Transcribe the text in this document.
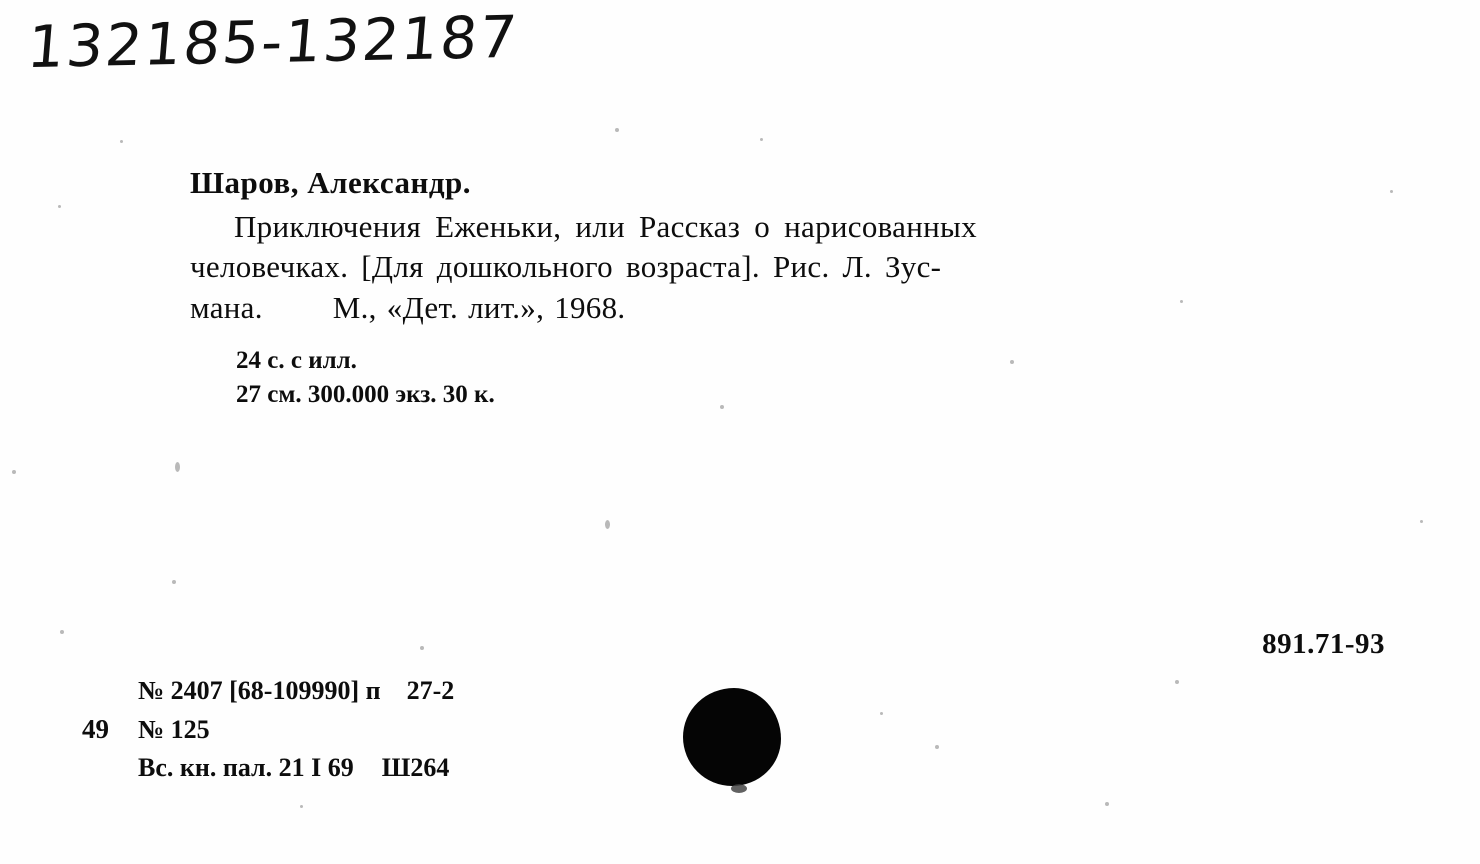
132185-132187
Шаров, Александр.
Приключения Еженьки, или Рассказ о нарисованных
человечках. [Для дошкольного возраста]. Рис. Л. Зус-
мана. М., «Дет. лит.», 1968.
24 с. с илл.
27 см. 300.000 экз. 30 к.
891.71-93
№ 2407 [68-109990] п    27-2
49	№ 125
Вс. кн. пал. 21 I 69 Ш264
